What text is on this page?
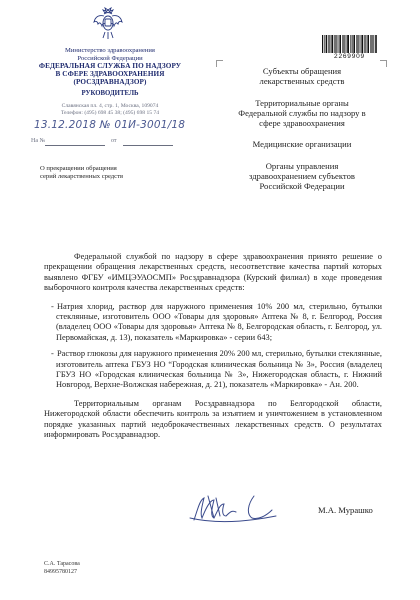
Министерство здравоохранения
Российской Федерации
ФЕДЕРАЛЬНАЯ СЛУЖБА ПО НАДЗОРУ
В СФЕРЕ ЗДРАВООХРАНЕНИЯ
(РОСЗДРАВНАДЗОР)
РУКОВОДИТЕЛЬ
Славянская пл. 4, стр. 1, Москва, 109074
Телефон: (495) 698 45 38; (495) 698 15 74
13.12.2018 № 01И-3001/18
На №	от
О прекращении обращения
серий лекарственных средств
2269909
Субъекты обращения
лекарственных средств
Территориальные органы
Федеральной службы по надзору в
сфере здравоохранения
Медицинские организации
Органы управления
здравоохранением субъектов
Российской Федерации

Федеральной службой по надзору в сфере здравоохранения принято решение о прекращении обращения лекарственных средств, несоответствие качества партий которых выявлено ФГБУ «ИМЦЭУАОСМП» Росздравнадзора (Курский филиал) в ходе проведения выборочного контроля качества лекарственных средств:

- Натрия хлорид, раствор для наружного применения 10% 200 мл, стерильно, бутылки стеклянные, изготовитель ООО «Товары для здоровья» Аптека № 8, г. Белгород, Россия (владелец ООО «Товары для здоровья» Аптека № 8, Белгородская область, г. Белгород, ул. Первомайская, д. 13), показатель «Маркировка» - серии 643;
- Раствор глюкозы для наружного применения 20% 200 мл, стерильно, бутылки стеклянные, изготовитель аптека ГБУЗ НО “Городская клиническая больница № 3», Россия (владелец ГБУЗ НО «Городская клиническая больница № 3», Нижегородская область, г. Нижний Новгород, Верхне-Волжская набережная, д. 21), показатель «Маркировка» - Ан. 200.

Территориальным органам Росздравнадзора по Белгородской области, Нижегородской области обеспечить контроль за изъятием и уничтожением в установленном порядке указанных партий недоброкачественных лекарственных средств. О результатах информировать Росздравнадзор.

М.А. Мурашко
С.А. Тарасова
84995780127
